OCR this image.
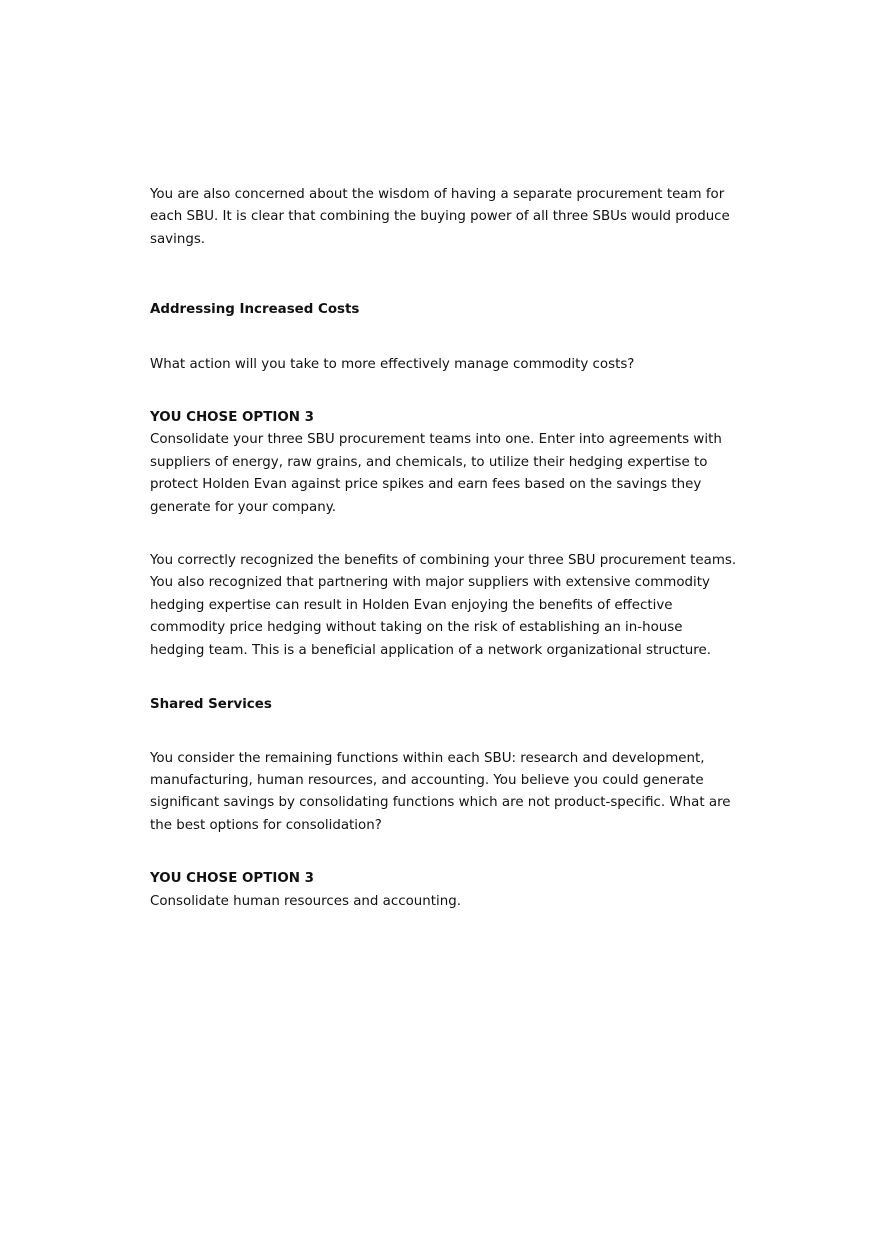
You are also concerned about the wisdom of having a separate procurement team for each SBU. It is clear that combining the buying power of all three SBUs would produce savings.

Addressing Increased Costs

What action will you take to more effectively manage commodity costs?

YOU CHOSE OPTION 3

Consolidate your three SBU procurement teams into one. Enter into agreements with suppliers of energy, raw grains, and chemicals, to utilize their hedging expertise to protect Holden Evan against price spikes and earn fees based on the savings they generate for your company.

You correctly recognized the benefits of combining your three SBU procurement teams. You also recognized that partnering with major suppliers with extensive commodity hedging expertise can result in Holden Evan enjoying the benefits of effective commodity price hedging without taking on the risk of establishing an in-house hedging team. This is a beneficial application of a network organizational structure.

Shared Services

You consider the remaining functions within each SBU: research and development, manufacturing, human resources, and accounting. You believe you could generate significant savings by consolidating functions which are not product-specific. What are the best options for consolidation?

YOU CHOSE OPTION 3

Consolidate human resources and accounting.
